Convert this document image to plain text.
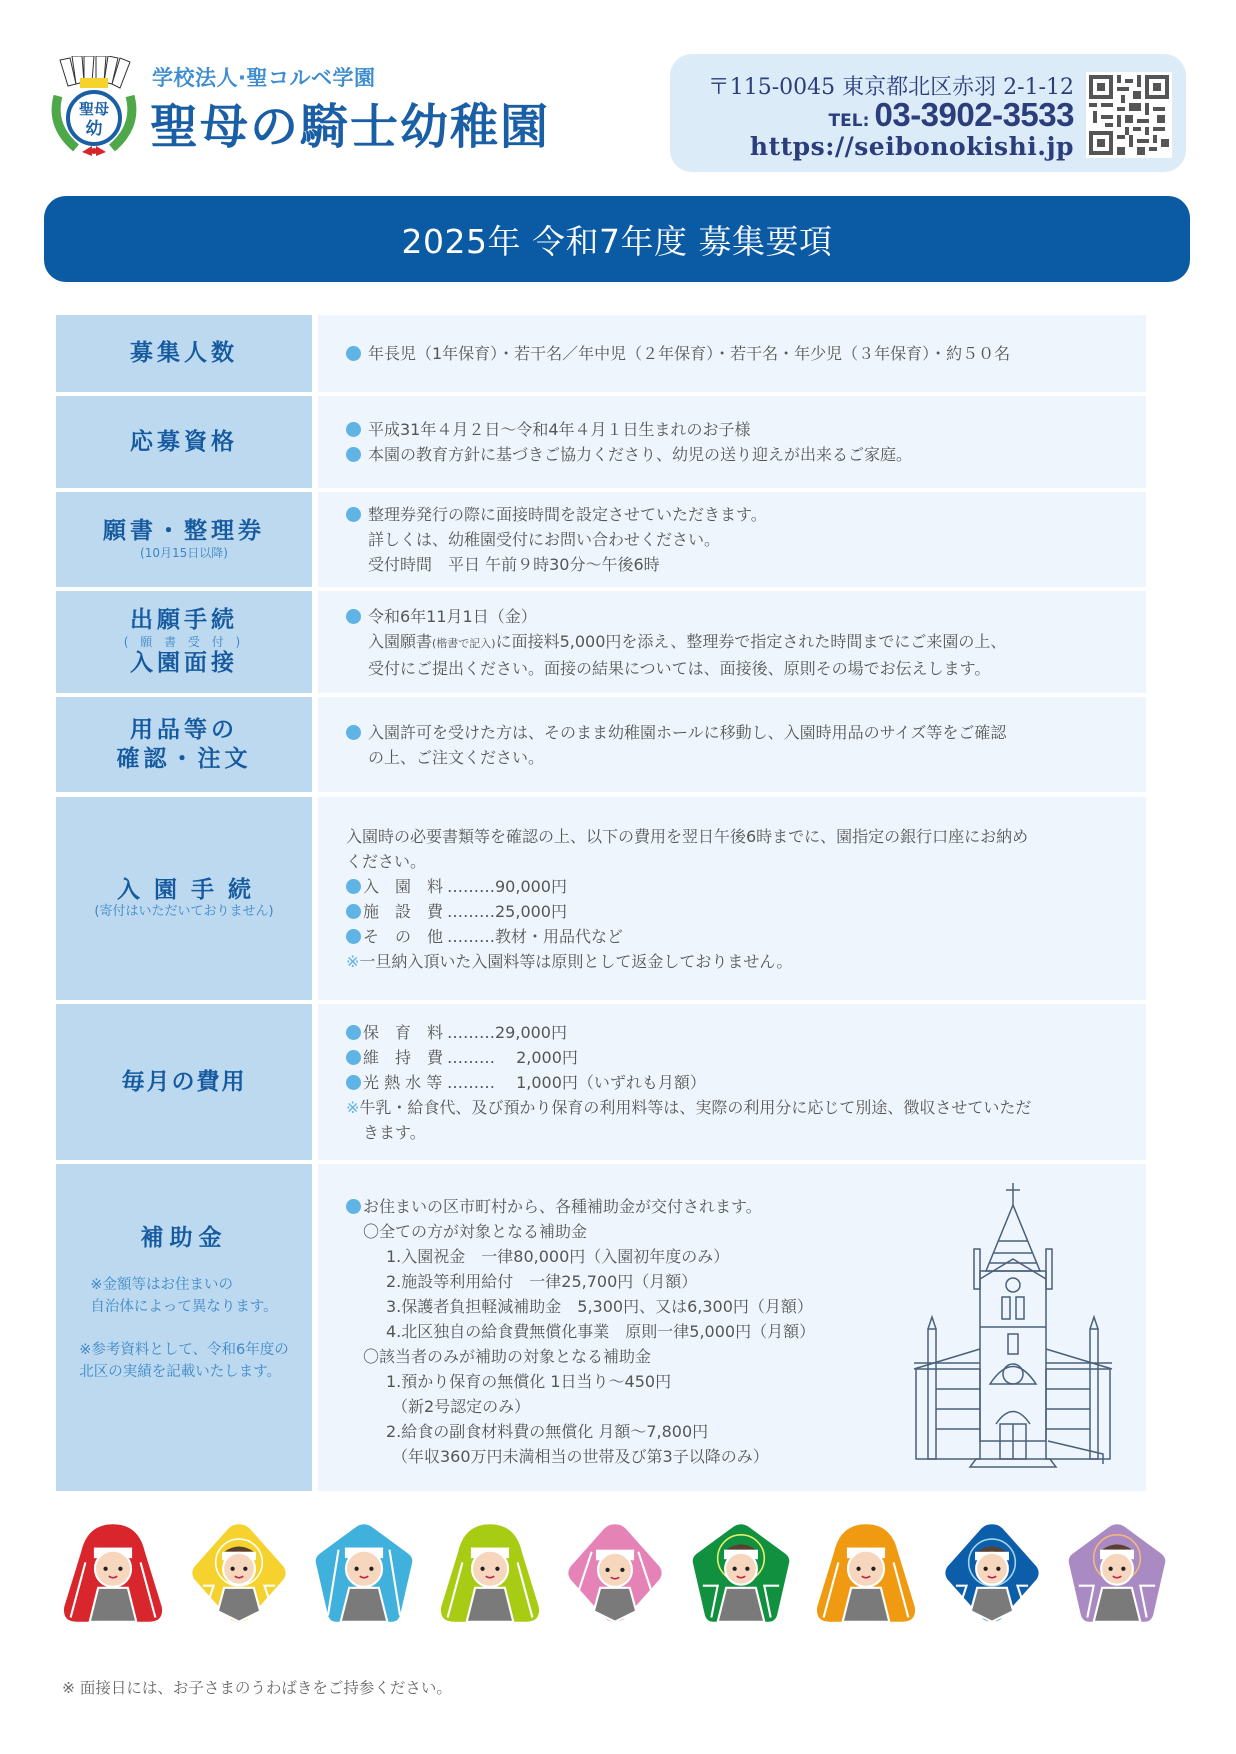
聖母
幼
学校法人·聖コルベ学園
聖母の騎士幼稚園
〒115-0045 東京都北区赤羽 2-1-12
TEL: 03-3902-3533
https://seibonokishi.jp
2025年 令和7年度 募集要項
募集人数	年長児（1年保育）・若干名／年中児（２年保育）・若干名・年少児（３年保育）・約５０名
応募資格	平成31年４月２日〜令和4年４月１日生まれのお子様
本園の教育方針に基づきご協力くださり、幼児の送り迎えが出来るご家庭。
願書・整理券
(10月15日以降)
整理券発行の際に面接時間を設定させていただきます。
詳しくは、幼稚園受付にお問い合わせください。
受付時間　平日 午前９時30分〜午後6時
出願手続
( 願 書 受 付 )
入園面接
令和6年11月1日（金）
入園願書(楷書で記入)に面接料5,000円を添え、整理券で指定された時間までにご来園の上、
受付にご提出ください。面接の結果については、面接後、原則その場でお伝えします。
用品等の
確認・注文
入園許可を受けた方は、そのまま幼稚園ホールに移動し、入園時用品のサイズ等をご確認
の上、ご注文ください。
入園手続
(寄付はいただいておりません)
入園時の必要書類等を確認の上、以下の費用を翌日午後6時までに、園指定の銀行口座にお納め
ください。
入　園　料 ………90,000円
施　設　費 ………25,000円
そ　の　他 ………教材・用品代など
※一旦納入頂いた入園料等は原則として返金しておりません。
毎月の費用
保　育　料 ………29,000円
維　持　費 ……… 　2,000円
光 熱 水 等 ……… 　1,000円（いずれも月額）
※牛乳・給食代、及び預かり保育の利用料等は、実際の利用分に応じて別途、徴収させていただ
きます。
補助金
※金額等はお住まいの
自治体によって異なります。
※参考資料として、令和6年度の
北区の実績を記載いたします。
お住まいの区市町村から、各種補助金が交付されます。
〇全ての方が対象となる補助金
1.入園祝金　一律80,000円（入園初年度のみ）
2.施設等利用給付　一律25,700円（月額）
3.保護者負担軽減補助金　5,300円、又は6,300円（月額）
4.北区独自の給食費無償化事業　原則一律5,000円（月額）
〇該当者のみが補助の対象となる補助金
1.預かり保育の無償化 1日当り〜450円
（新2号認定のみ）
2.給食の副食材料費の無償化 月額〜7,800円
（年収360万円未満相当の世帯及び第3子以降のみ）
※ 面接日には、お子さまのうわばきをご持参ください。
